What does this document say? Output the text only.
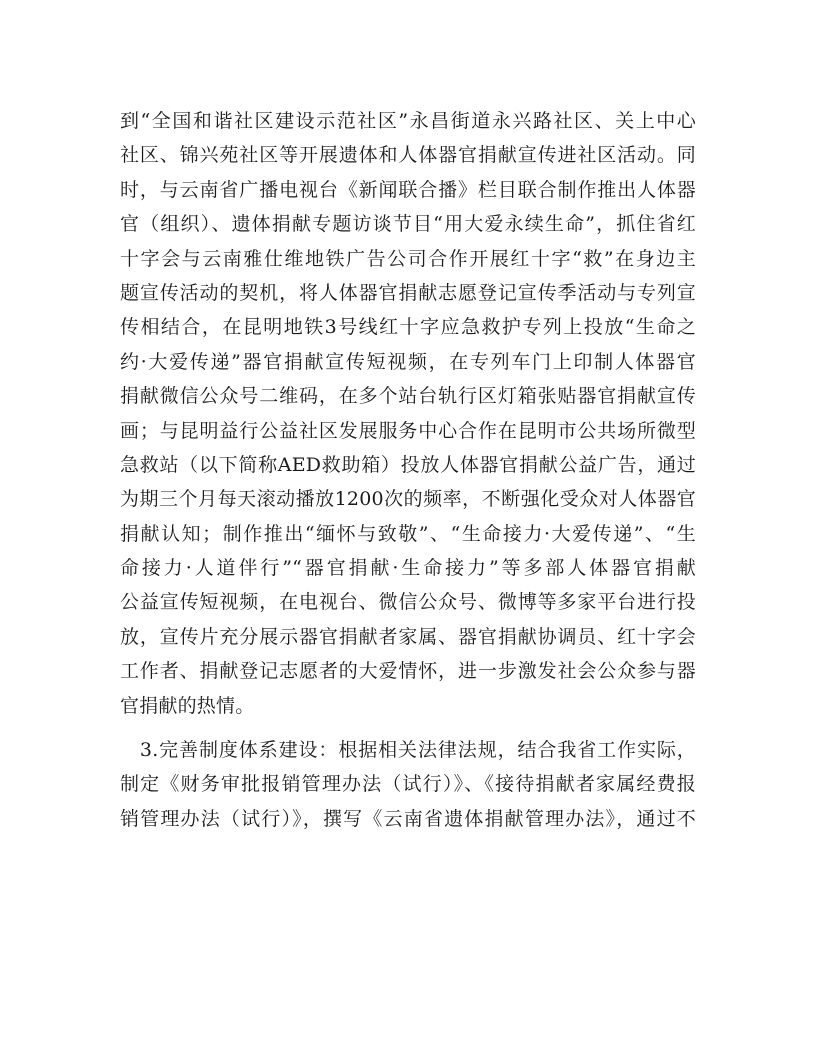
到“全国和谐社区建设示范社区”永昌街道永兴路社区、关上中心
社区、锦兴苑社区等开展遗体和人体器官捐献宣传进社区活动。同
时，与云南省广播电视台《新闻联合播》栏目联合制作推出人体器
官（组织）、遗体捐献专题访谈节目“用大爱永续生命”，抓住省红
十字会与云南雅仕维地铁广告公司合作开展红十字“救”在身边主
题宣传活动的契机，将人体器官捐献志愿登记宣传季活动与专列宣
传相结合，在昆明地铁3号线红十字应急救护专列上投放“生命之
约·大爱传递”器官捐献宣传短视频，在专列车门上印制人体器官
捐献微信公众号二维码，在多个站台轨行区灯箱张贴器官捐献宣传
画；与昆明益行公益社区发展服务中心合作在昆明市公共场所微型
急救站（以下简称AED救助箱）投放人体器官捐献公益广告，通过
为期三个月每天滚动播放1200次的频率，不断强化受众对人体器官
捐献认知；制作推出“缅怀与致敬”、“生命接力·大爱传递”、“生
命接力·人道伴行”“器官捐献·生命接力”等多部人体器官捐献
公益宣传短视频，在电视台、微信公众号、微博等多家平台进行投
放，宣传片充分展示器官捐献者家属、器官捐献协调员、红十字会
工作者、捐献登记志愿者的大爱情怀，进一步激发社会公众参与器
官捐献的热情。
　3.完善制度体系建设：根据相关法律法规，结合我省工作实际，
制定《财务审批报销管理办法（试行）》、《接待捐献者家属经费报
销管理办法（试行）》，撰写《云南省遗体捐献管理办法》，通过不
